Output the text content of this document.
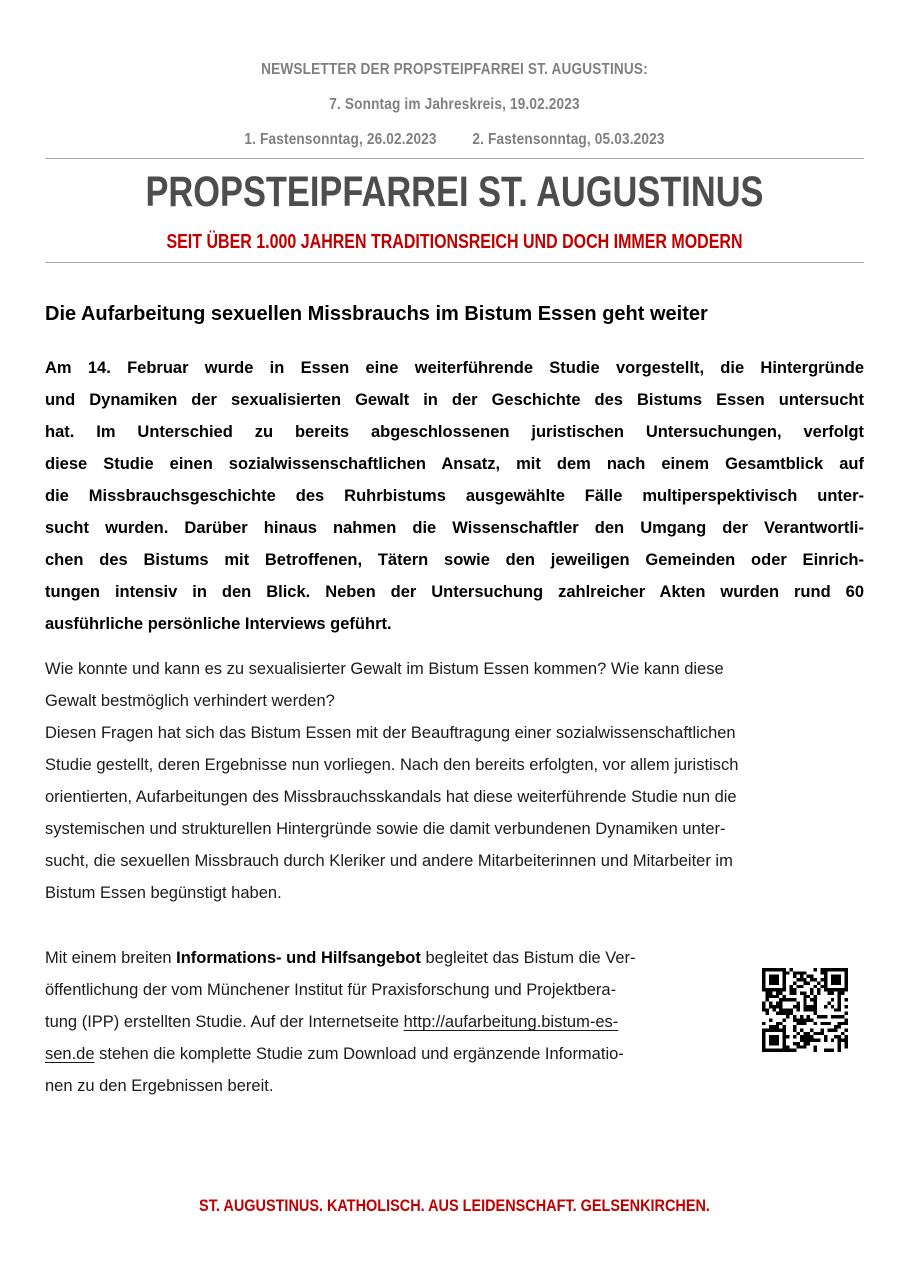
NEWSLETTER DER PROPSTEIPFARREI ST. AUGUSTINUS:
7. Sonntag im Jahreskreis, 19.02.2023
1. Fastensonntag, 26.02.2023 2. Fastensonntag, 05.03.2023
PROPSTEIPFARREI ST. AUGUSTINUS
SEIT ÜBER 1.000 JAHREN TRADITIONSREICH UND DOCH IMMER MODERN
Die Aufarbeitung sexuellen Missbrauchs im Bistum Essen geht weiter
Am 14. Februar wurde in Essen eine weiterführende Studie vorgestellt, die Hintergründe
und Dynamiken der sexualisierten Gewalt in der Geschichte des Bistums Essen untersucht
hat. Im Unterschied zu bereits abgeschlossenen juristischen Untersuchungen, verfolgt
diese Studie einen sozialwissenschaftlichen Ansatz, mit dem nach einem Gesamtblick auf
die Missbrauchsgeschichte des Ruhrbistums ausgewählte Fälle multiperspektivisch unter-
sucht wurden. Darüber hinaus nahmen die Wissenschaftler den Umgang der Verantwortli-
chen des Bistums mit Betroffenen, Tätern sowie den jeweiligen Gemeinden oder Einrich-
tungen intensiv in den Blick. Neben der Untersuchung zahlreicher Akten wurden rund 60
ausführliche persönliche Interviews geführt.
Wie konnte und kann es zu sexualisierter Gewalt im Bistum Essen kommen? Wie kann diese
Gewalt bestmöglich verhindert werden?
Diesen Fragen hat sich das Bistum Essen mit der Beauftragung einer sozialwissenschaftlichen
Studie gestellt, deren Ergebnisse nun vorliegen. Nach den bereits erfolgten, vor allem juristisch
orientierten, Aufarbeitungen des Missbrauchsskandals hat diese weiterführende Studie nun die
systemischen und strukturellen Hintergründe sowie die damit verbundenen Dynamiken unter-
sucht, die sexuellen Missbrauch durch Kleriker und andere Mitarbeiterinnen und Mitarbeiter im
Bistum Essen begünstigt haben.
Mit einem breiten Informations- und Hilfsangebot begleitet das Bistum die Ver-
öffentlichung der vom Münchener Institut für Praxisforschung und Projektbera-
tung (IPP) erstellten Studie. Auf der Internetseite http://aufarbeitung.bistum-es-
sen.de stehen die komplette Studie zum Download und ergänzende Informatio-
nen zu den Ergebnissen bereit.
ST. AUGUSTINUS. KATHOLISCH. AUS LEIDENSCHAFT. GELSENKIRCHEN.
